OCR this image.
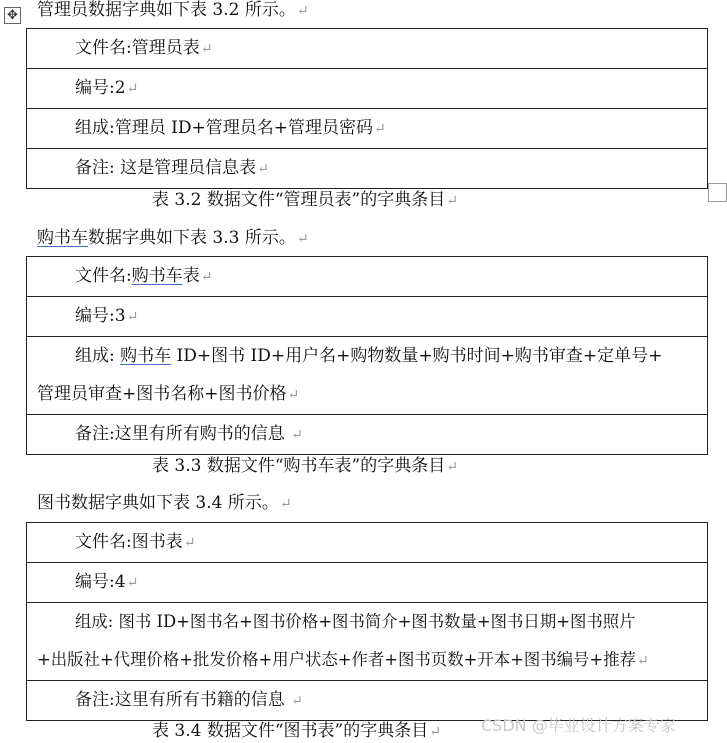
✥ 管理员数据字典如下表 3.2 所示。↵
文件名:管理员表↵
编号:2↵
组成:管理员 ID+管理员名+管理员密码↵
备注: 这是管理员信息表↵
表 3.2 数据文件“管理员表”的字典条目↵
购书车数据字典如下表 3.3 所示。↵
文件名:购书车表↵
编号:3↵
组成: 购书车 ID+图书 ID+用户名+购物数量+购书时间+购书审查+定单号+
管理员审查+图书名称+图书价格↵
备注:这里有所有购书的信息 ↵
表 3.3 数据文件“购书车表”的字典条目↵
图书数据字典如下表 3.4 所示。↵
文件名:图书表↵
编号:4↵
组成: 图书 ID+图书名+图书价格+图书简介+图书数量+图书日期+图书照片
+出版社+代理价格+批发价格+用户状态+作者+图书页数+开本+图书编号+推荐↵
备注:这里有所有书籍的信息 ↵
表 3.4 数据文件“图书表”的字典条目↵	CSDN @毕业设计方案专家
